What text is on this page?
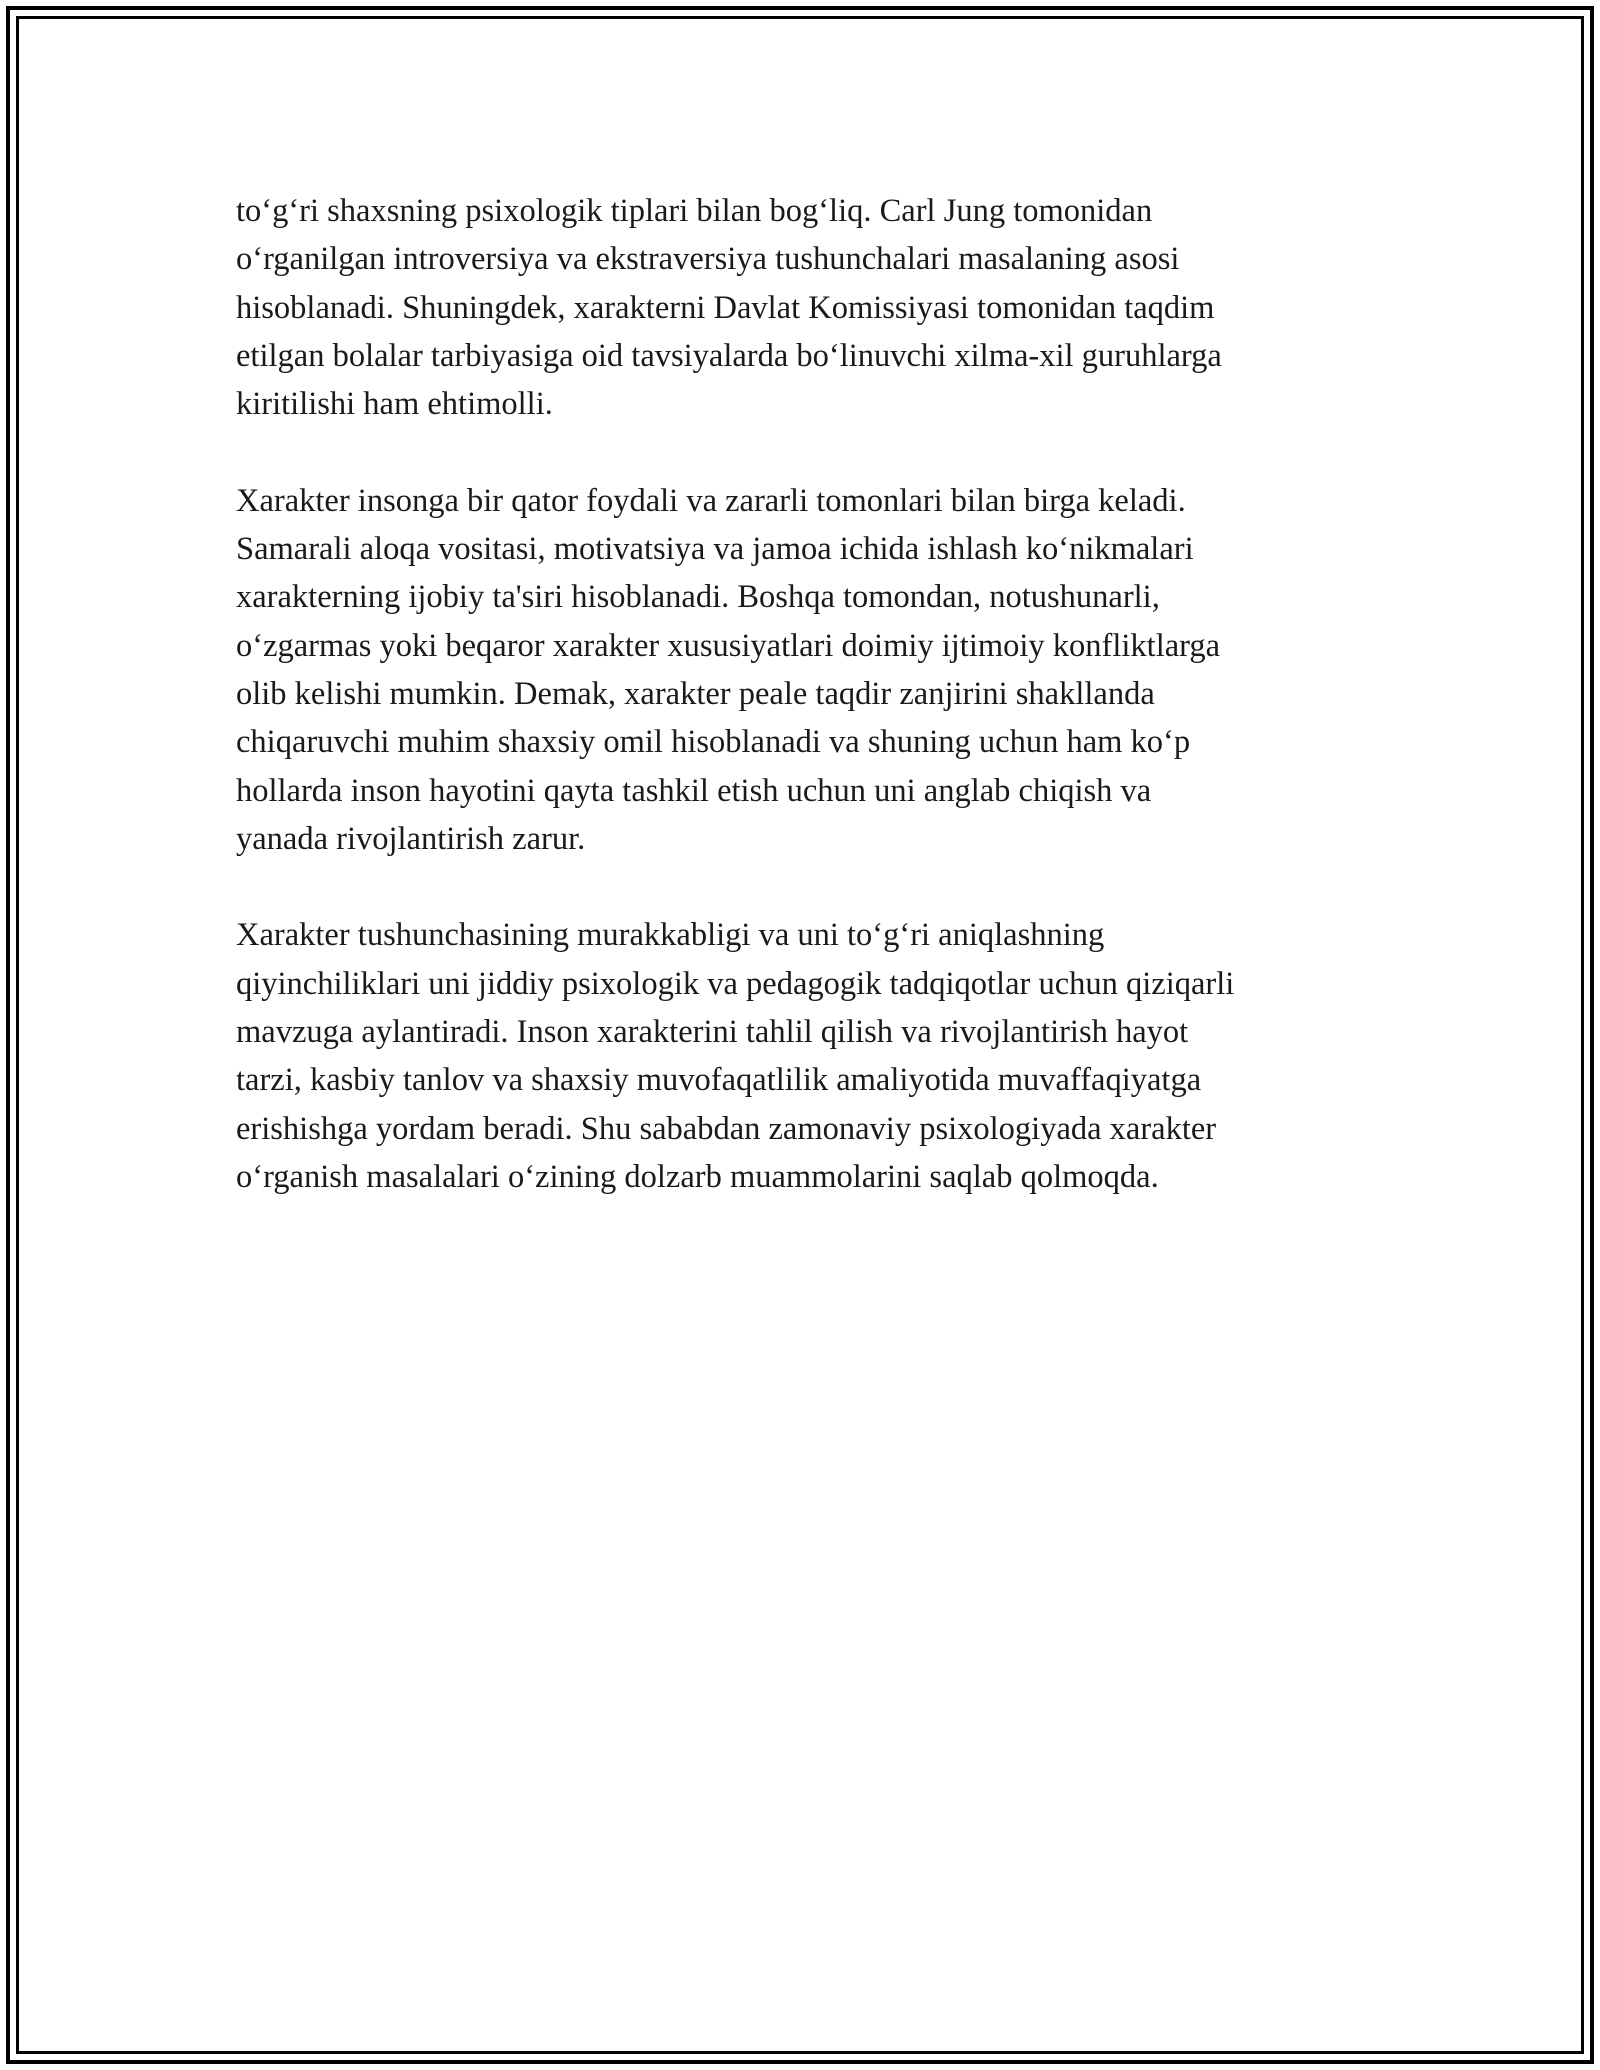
to‘g‘ri shaxsning psixologik tiplari bilan bog‘liq. Carl Jung tomonidan
o‘rganilgan introversiya va ekstraversiya tushunchalari masalaning asosi
hisoblanadi. Shuningdek, xarakterni Davlat Komissiyasi tomonidan taqdim
etilgan bolalar tarbiyasiga oid tavsiyalarda bo‘linuvchi xilma-xil guruhlarga
kiritilishi ham ehtimolli.

Xarakter insonga bir qator foydali va zararli tomonlari bilan birga keladi.
Samarali aloqa vositasi, motivatsiya va jamoa ichida ishlash ko‘nikmalari
xarakterning ijobiy ta'siri hisoblanadi. Boshqa tomondan, notushunarli,
o‘zgarmas yoki beqaror xarakter xususiyatlari doimiy ijtimoiy konfliktlarga
olib kelishi mumkin. Demak, xarakter peale taqdir zanjirini shakllanda
chiqaruvchi muhim shaxsiy omil hisoblanadi va shuning uchun ham ko‘p
hollarda inson hayotini qayta tashkil etish uchun uni anglab chiqish va
yanada rivojlantirish zarur.

Xarakter tushunchasining murakkabligi va uni to‘g‘ri aniqlashning
qiyinchiliklari uni jiddiy psixologik va pedagogik tadqiqotlar uchun qiziqarli
mavzuga aylantiradi. Inson xarakterini tahlil qilish va rivojlantirish hayot
tarzi, kasbiy tanlov va shaxsiy muvofaqatlilik amaliyotida muvaffaqiyatga
erishishga yordam beradi. Shu sababdan zamonaviy psixologiyada xarakter
o‘rganish masalalari o‘zining dolzarb muammolarini saqlab qolmoqda.
